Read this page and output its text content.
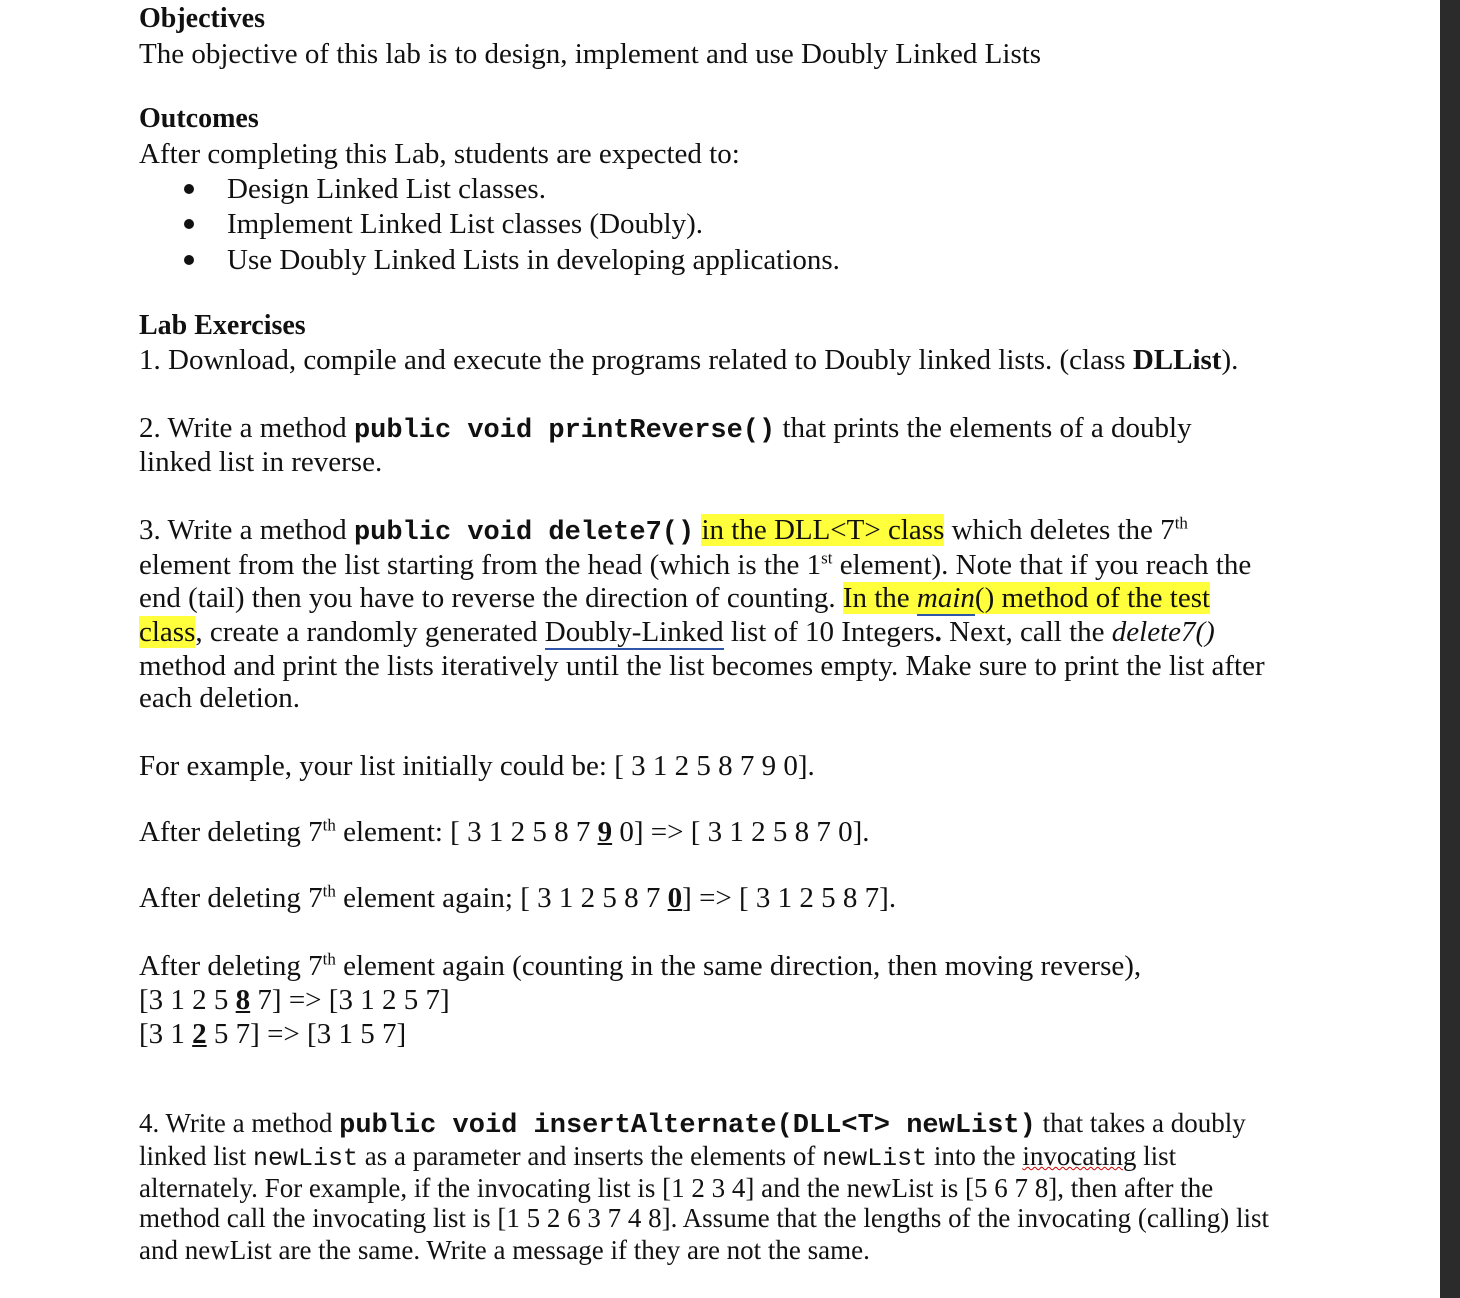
Objectives
The objective of this lab is to design, implement and use Doubly Linked Lists
Outcomes
After completing this Lab, students are expected to:
Design Linked List classes.
Implement Linked List classes (Doubly).
Use Doubly Linked Lists in developing applications.
Lab Exercises
1. Download, compile and execute the programs related to Doubly linked lists. (class DLList).
2. Write a method public void printReverse() that prints the elements of a doubly
linked list in reverse.
3. Write a method public void delete7() in the DLL<T> class which deletes the 7th
element from the list starting from the head (which is the 1st element). Note that if you reach the
end (tail) then you have to reverse the direction of counting. In the main() method of the test
class, create a randomly generated Doubly-Linked list of 10 Integers. Next, call the delete7()
method and print the lists iteratively until the list becomes empty. Make sure to print the list after
each deletion.
For example, your list initially could be: [ 3 1 2 5 8 7 9 0].
After deleting 7th element: [ 3 1 2 5 8 7 9 0] => [ 3 1 2 5 8 7 0].
After deleting 7th element again; [ 3 1 2 5 8 7 0] => [ 3 1 2 5 8 7].
After deleting 7th element again (counting in the same direction, then moving reverse),
[3 1 2 5 8 7] => [3 1 2 5 7]
[3 1 2 5 7] => [3 1 5 7]
4. Write a method public void insertAlternate(DLL<T> newList) that takes a doubly
linked list newList as a parameter and inserts the elements of newList into the invocating list
alternately. For example, if the invocating list is [1 2 3 4] and the newList is [5 6 7 8], then after the
method call the invocating list is [1 5 2 6 3 7 4 8]. Assume that the lengths of the invocating (calling) list
and newList are the same. Write a message if they are not the same.
